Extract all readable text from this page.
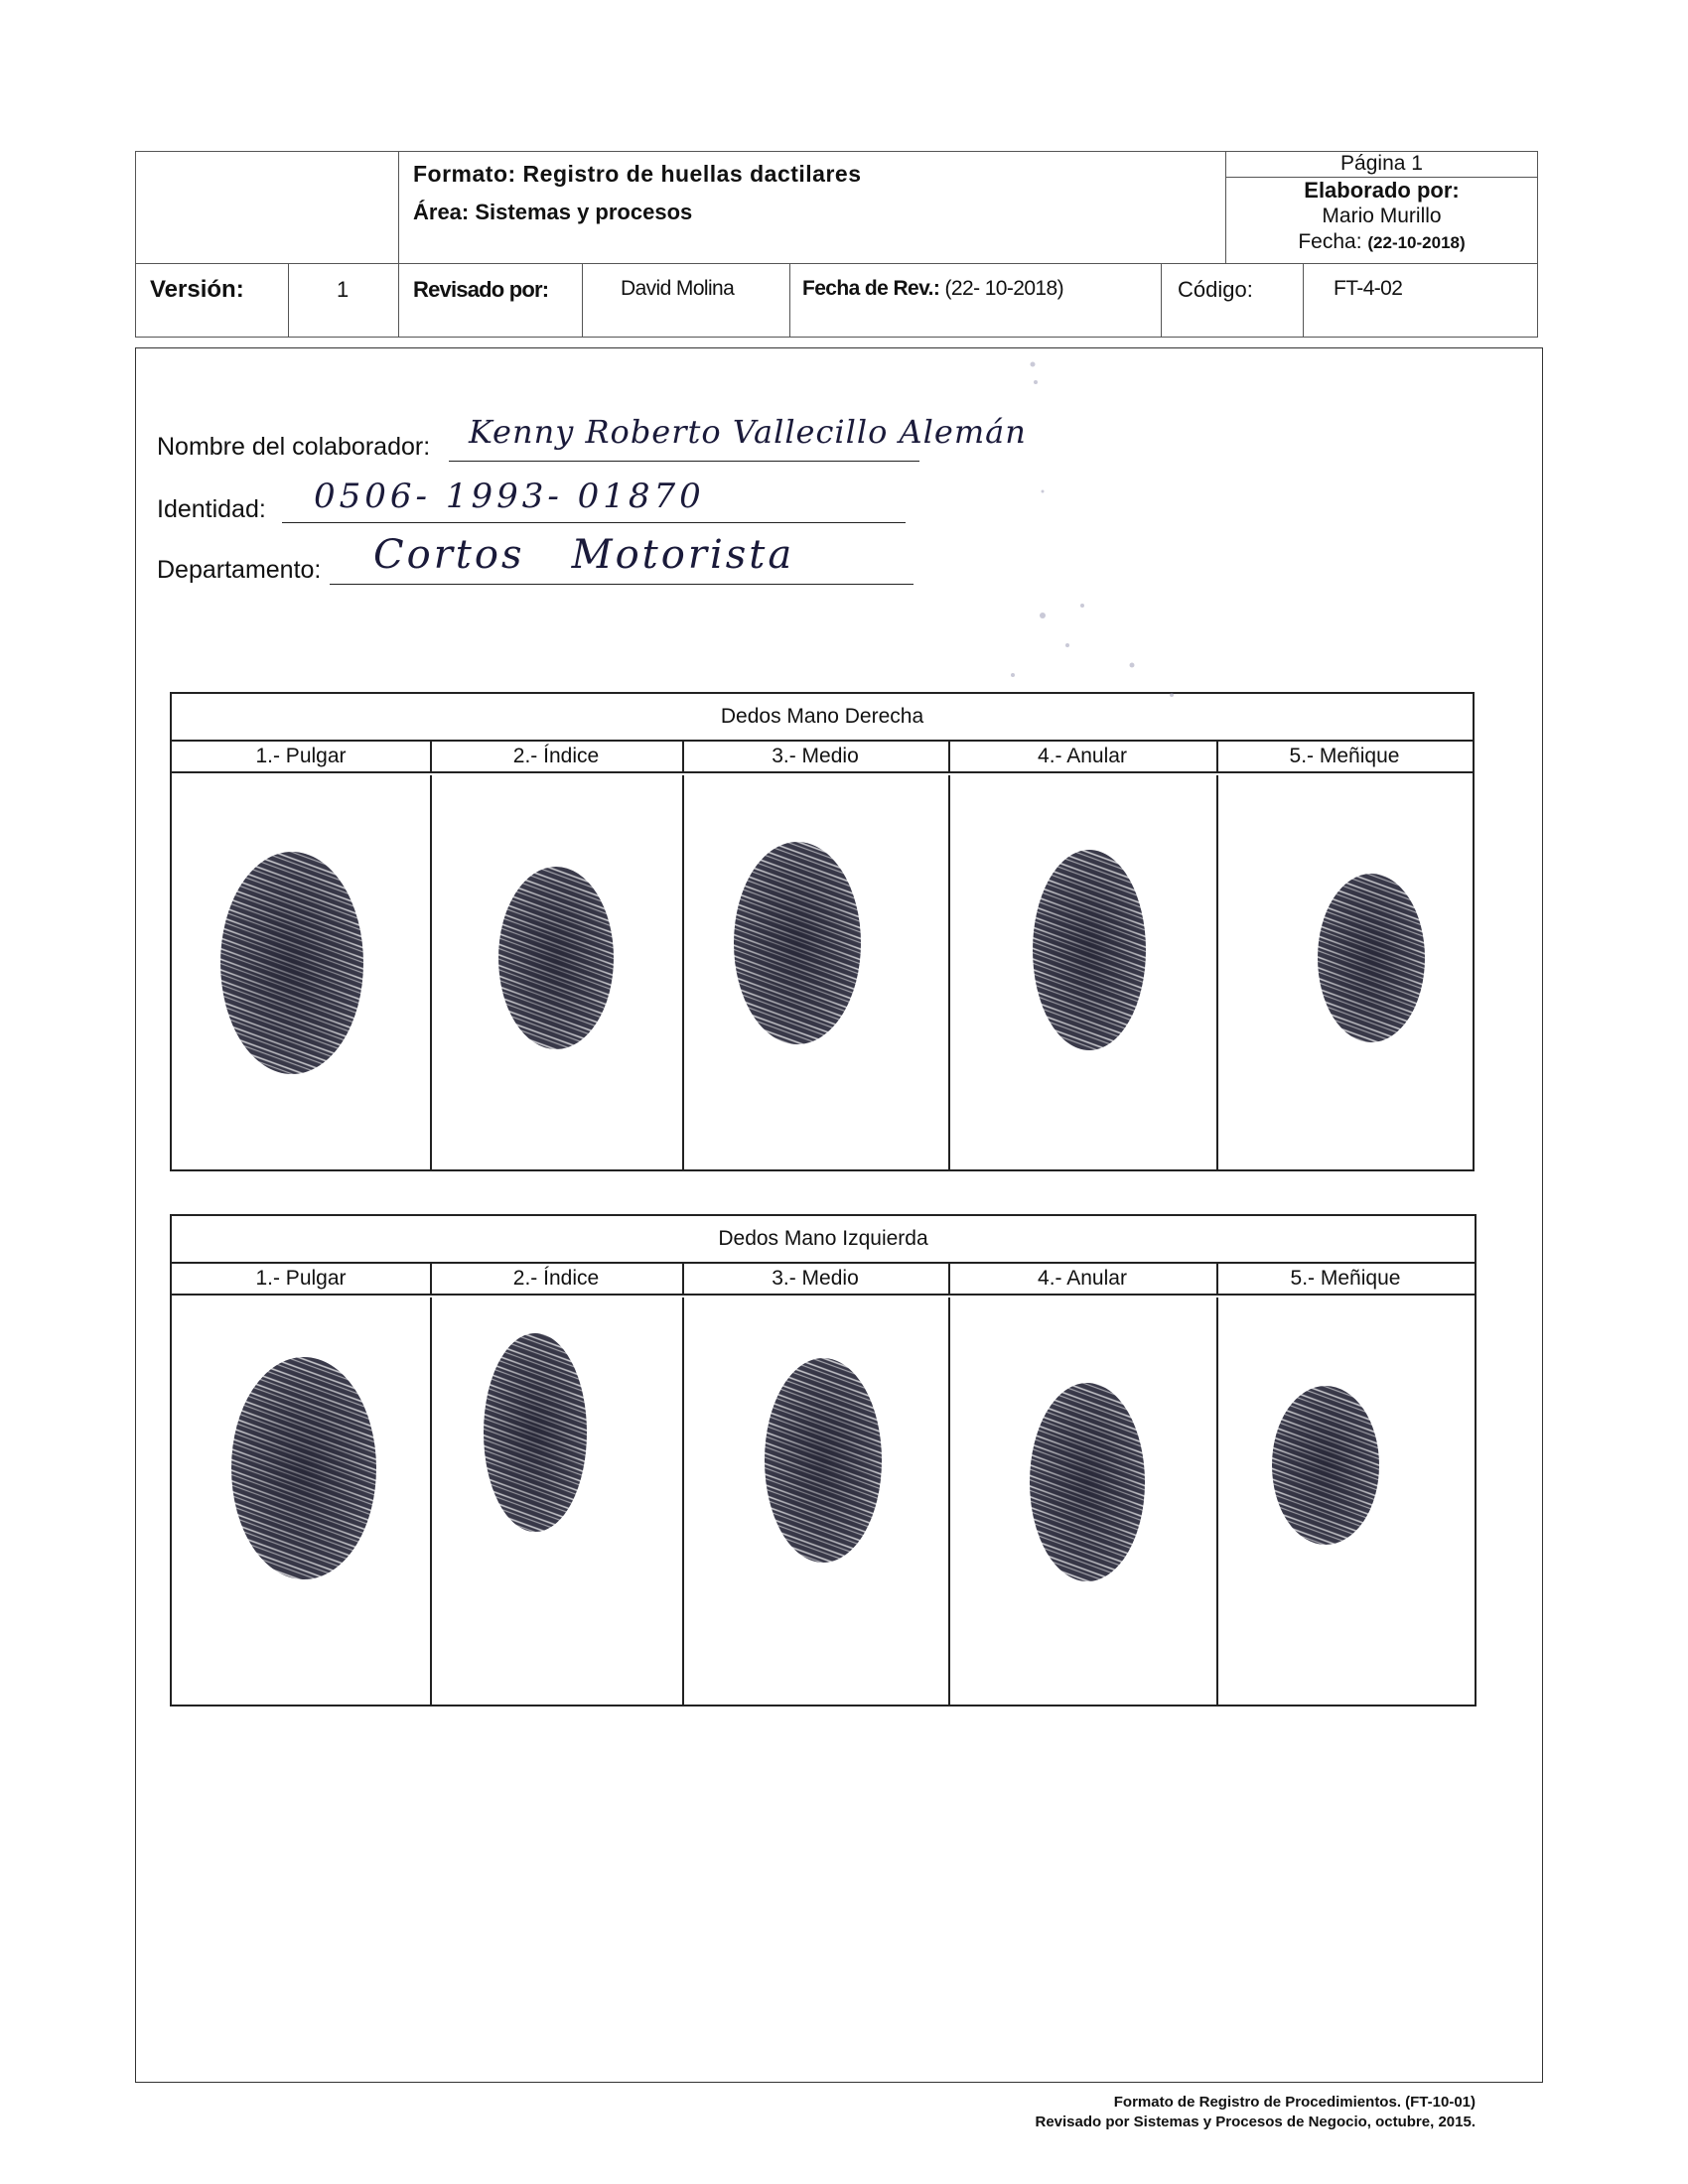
Formato: Registro de huellas dactilares
Área: Sistemas y procesos
Página 1
Elaborado por:
Mario Murillo
Fecha: (22-10-2018)
Versión:	1	Revisado por:	David Molina	Fecha de Rev.: (22- 10-2018)	Código:	FT-4-02
Nombre del colaborador: Kenny Roberto Vallecillo Alemán
Identidad: 0506- 1993- 01870
Departamento: Cortos   Motorista
Dedos Mano Derecha
1.- Pulgar	2.- Índice	3.- Medio	4.- Anular	5.- Meñique
Dedos Mano Izquierda
1.- Pulgar	2.- Índice	3.- Medio	4.- Anular	5.- Meñique
Formato de Registro de Procedimientos. (FT-10-01)
Revisado por Sistemas y Procesos de Negocio, octubre, 2015.
